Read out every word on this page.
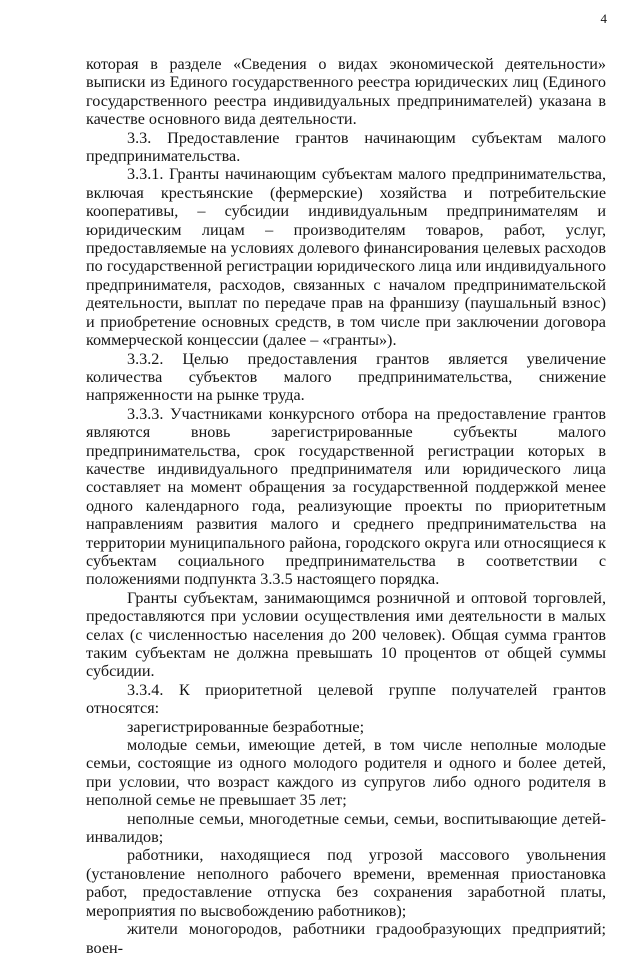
4

которая в разделе «Сведения о видах экономической деятельности» выписки из Единого государственного реестра юридических лиц (Единого государственного реестра индивидуальных предпринимателей) указана в качестве основного вида деятельности.

3.3. Предоставление грантов начинающим субъектам малого предпринимательства.

3.3.1. Гранты начинающим субъектам малого предпринимательства, включая крестьянские (фермерские) хозяйства и потребительские кооперативы, – субсидии индивидуальным предпринимателям и юридическим лицам – производителям товаров, работ, услуг, предоставляемые на условиях долевого финансирования целевых расходов по государственной регистрации юридического лица или индивидуального предпринимателя, расходов, связанных с началом предпринимательской деятельности, выплат по передаче прав на франшизу (паушальный взнос) и приобретение основных средств, в том числе при заключении договора коммерческой концессии (далее – «гранты»).

3.3.2. Целью предоставления грантов является увеличение количества субъектов малого предпринимательства, снижение напряженности на рынке труда.

3.3.3. Участниками конкурсного отбора на предоставление грантов являются вновь зарегистрированные субъекты малого предпринимательства, срок государственной регистрации которых в качестве индивидуального предпринимателя или юридического лица составляет на момент обращения за государственной поддержкой менее одного календарного года, реализующие проекты по приоритетным направлениям развития малого и среднего предпринимательства на территории муниципального района, городского округа или относящиеся к субъектам социального предпринимательства в соответствии с положениями подпункта 3.3.5 настоящего порядка.

Гранты субъектам, занимающимся розничной и оптовой торговлей, предоставляются при условии осуществления ими деятельности в малых селах (с численностью населения до 200 человек). Общая сумма грантов таким субъектам не должна превышать 10 процентов от общей суммы субсидии.

3.3.4. К приоритетной целевой группе получателей грантов относятся:

зарегистрированные безработные;

молодые семьи, имеющие детей, в том числе неполные молодые семьи, состоящие из одного молодого родителя и одного и более детей, при условии, что возраст каждого из супругов либо одного родителя в неполной семье не превышает 35 лет;

неполные семьи, многодетные семьи, семьи, воспитывающие детей-инвалидов;

работники, находящиеся под угрозой массового увольнения (установление неполного рабочего времени, временная приостановка работ, предоставление отпуска без сохранения заработной платы, мероприятия по высвобождению работников);

жители моногородов, работники градообразующих предприятий; воен-
